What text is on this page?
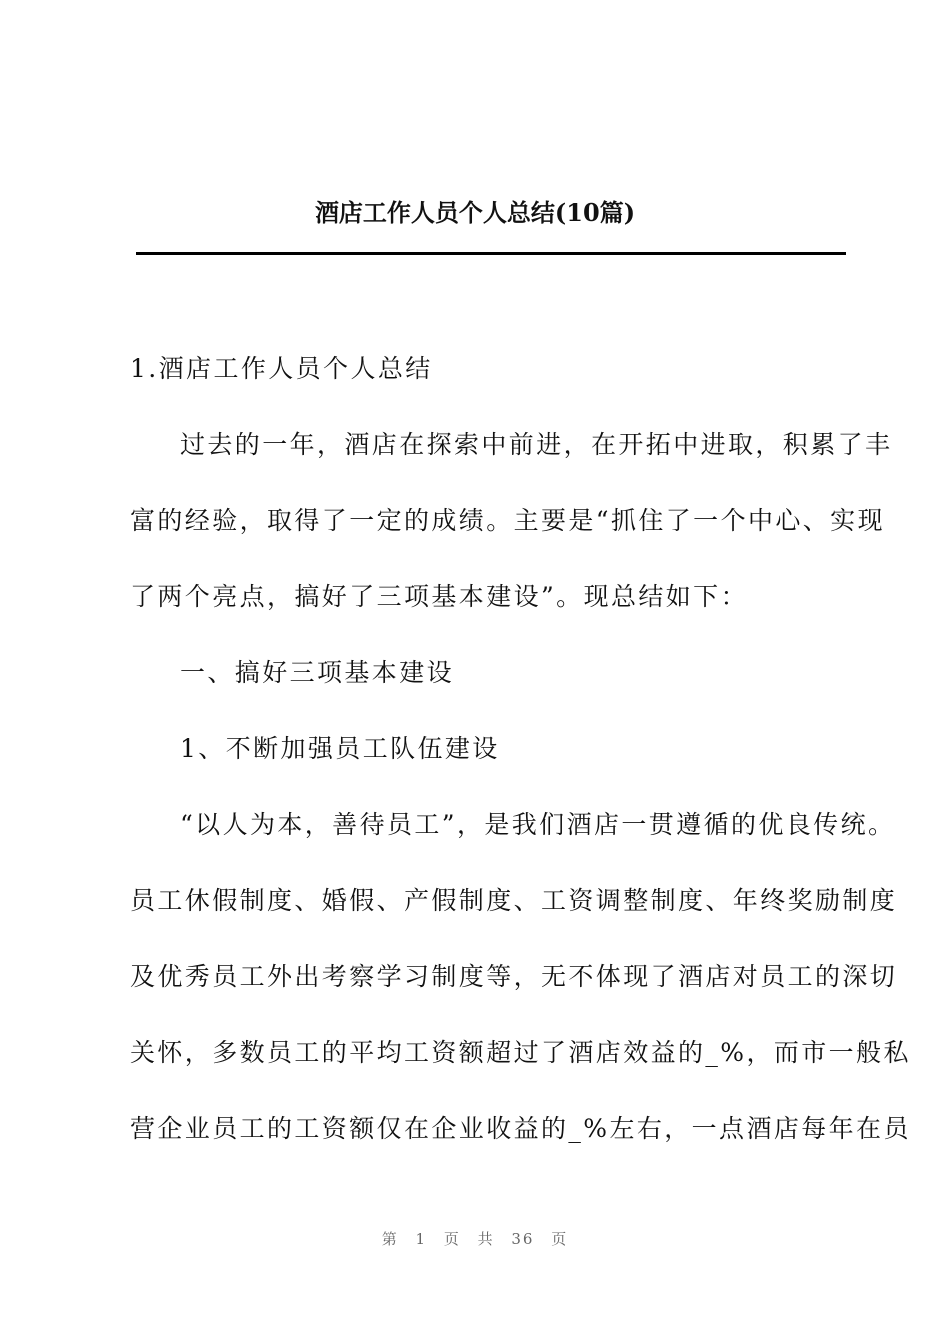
酒店工作人员个人总结(10篇)
1.酒店工作人员个人总结
过去的一年，酒店在探索中前进，在开拓中进取，积累了丰
富的经验，取得了一定的成绩。主要是“抓住了一个中心、实现
了两个亮点，搞好了三项基本建设”。现总结如下：
一、搞好三项基本建设
1、不断加强员工队伍建设
“以人为本，善待员工”，是我们酒店一贯遵循的优良传统。
员工休假制度、婚假、产假制度、工资调整制度、年终奖励制度
及优秀员工外出考察学习制度等，无不体现了酒店对员工的深切
关怀，多数员工的平均工资额超过了酒店效益的_%，而市一般私
营企业员工的工资额仅在企业收益的_%左右，一点酒店每年在员
第 1 页 共 36 页
